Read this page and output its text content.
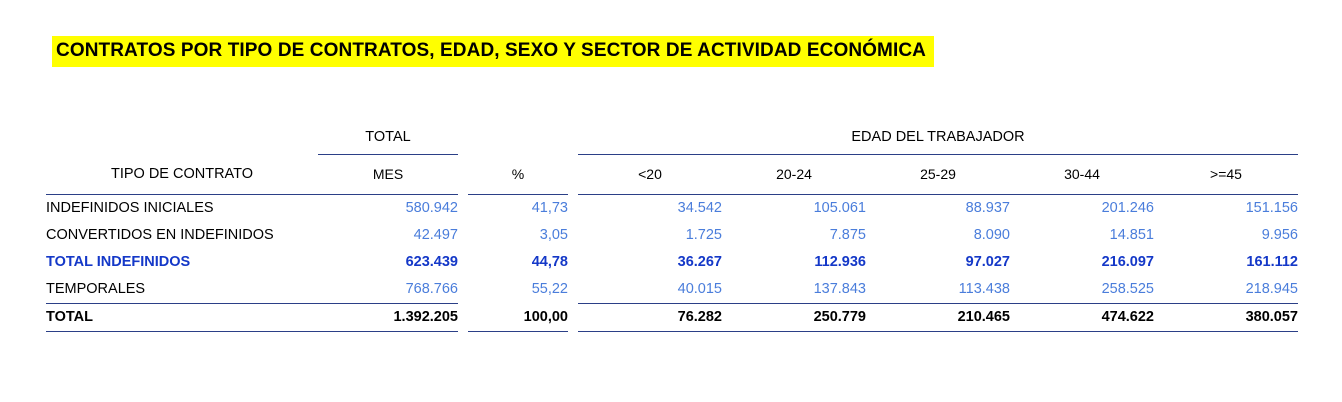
CONTRATOS POR TIPO DE CONTRATOS, EDAD, SEXO Y SECTOR DE ACTIVIDAD ECONÓMICA
	TOTAL				EDAD DEL TRABAJADOR				
TIPO DE CONTRATO	MES		%		<20	20-24	25-29	30-44	>=45
INDEFINIDOS INICIALES	580.942		41,73		34.542	105.061	88.937	201.246	151.156
CONVERTIDOS EN INDEFINIDOS	42.497		3,05		1.725	7.875	8.090	14.851	9.956
TOTAL INDEFINIDOS	623.439		44,78		36.267	112.936	97.027	216.097	161.112
TEMPORALES	768.766		55,22		40.015	137.843	113.438	258.525	218.945
TOTAL	1.392.205		100,00		76.282	250.779	210.465	474.622	380.057
